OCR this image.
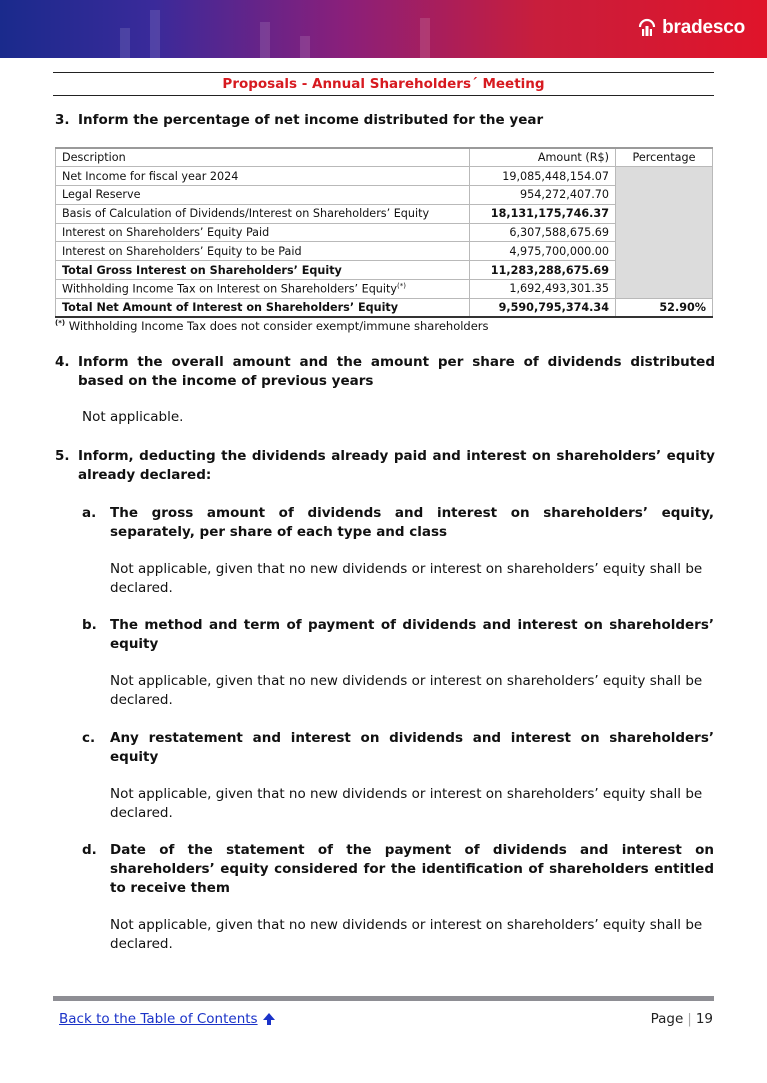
bradesco
Proposals - Annual Shareholders´ Meeting
3. Inform the percentage of net income distributed for the year
Description	Amount (R$)	Percentage
Net Income for fiscal year 2024	19,085,448,154.07	
Legal Reserve	954,272,407.70	
Basis of Calculation of Dividends/Interest on Shareholders’ Equity	18,131,175,746.37	
Interest on Shareholders’ Equity Paid	6,307,588,675.69	
Interest on Shareholders’ Equity to be Paid	4,975,700,000.00	
Total Gross Interest on Shareholders’ Equity	11,283,288,675.69	
Withholding Income Tax on Interest on Shareholders’ Equity(*)	1,692,493,301.35	
Total Net Amount of Interest on Shareholders’ Equity	9,590,795,374.34	52.90%
(*) Withholding Income Tax does not consider exempt/immune shareholders
4. Inform the overall amount and the amount per share of dividends distributed based on the income of previous years
Not applicable.
5. Inform, deducting the dividends already paid and interest on shareholders’ equity already declared:
a. The gross amount of dividends and interest on shareholders’ equity, separately, per share of each type and class
Not applicable, given that no new dividends or interest on shareholders’ equity shall be declared.
b. The method and term of payment of dividends and interest on shareholders’ equity
Not applicable, given that no new dividends or interest on shareholders’ equity shall be declared.
c. Any restatement and interest on dividends and interest on shareholders’ equity
Not applicable, given that no new dividends or interest on shareholders’ equity shall be declared.
d. Date of the statement of the payment of dividends and interest on shareholders’ equity considered for the identification of shareholders entitled to receive them
Not applicable, given that no new dividends or interest on shareholders’ equity shall be declared.
Back to the Table of Contents	Page | 19
